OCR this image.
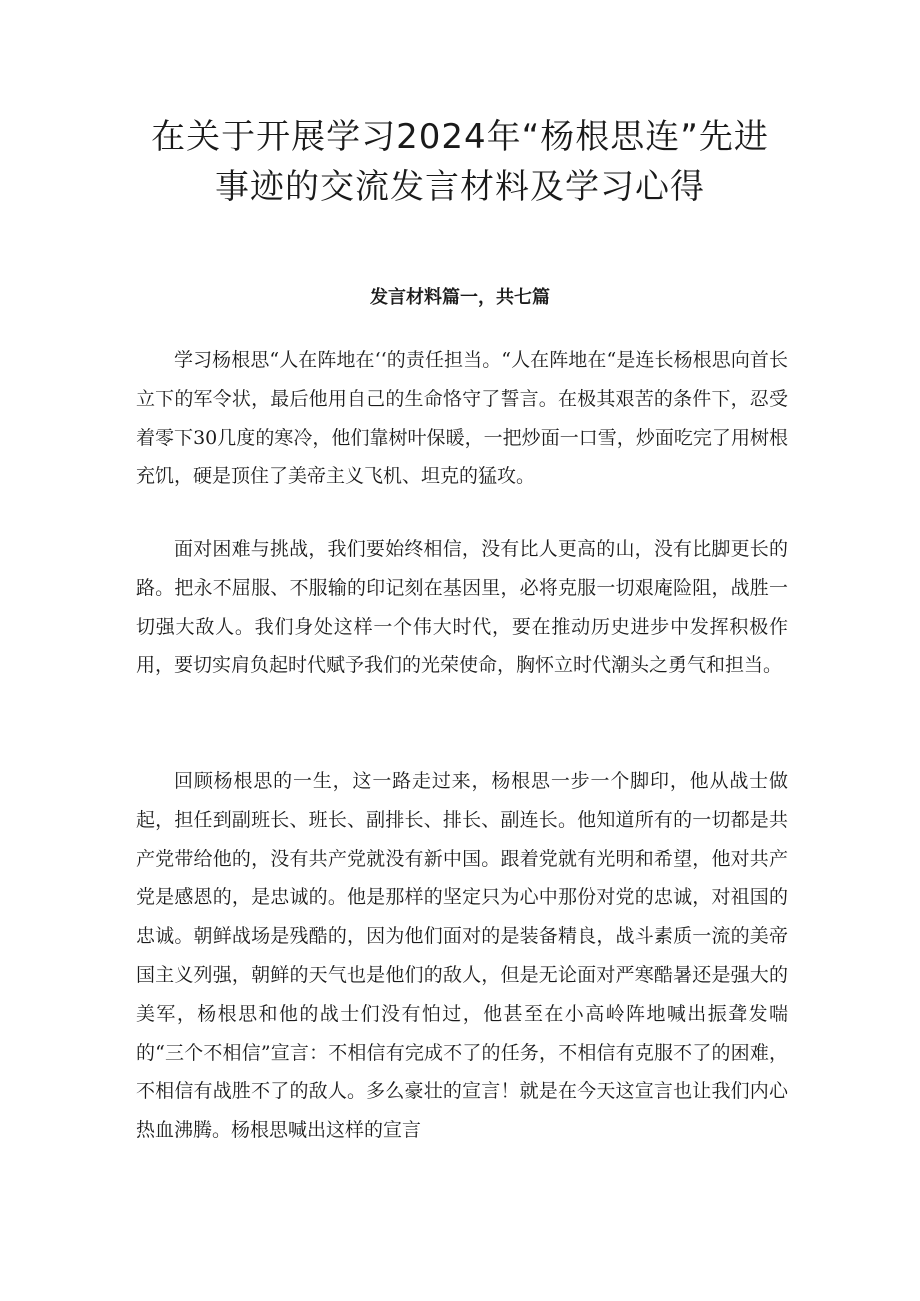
在关于开展学习2024年“杨根思连”先进
事迹的交流发言材料及学习心得
发言材料篇一，共七篇

学习杨根思“人在阵地在‘‘的责任担当。“人在阵地在“是连长杨根思向首长立下的军令状，最后他用自己的生命恪守了誓言。在极其艰苦的条件下，忍受着零下30几度的寒冷，他们靠树叶保暖，一把炒面一口雪，炒面吃完了用树根充饥，硬是顶住了美帝主义飞机、坦克的猛攻。

面对困难与挑战，我们要始终相信，没有比人更高的山，没有比脚更长的路。把永不屈服、不服输的印记刻在基因里，必将克服一切艰庵险阻，战胜一切强大敌人。我们身处这样一个伟大时代，要在推动历史进步中发挥积极作用，要切实肩负起时代赋予我们的光荣使命，胸怀立时代潮头之勇气和担当。

回顾杨根思的一生，这一路走过来，杨根思一步一个脚印，他从战士做起，担任到副班长、班长、副排长、排长、副连长。他知道所有的一切都是共产党带给他的，没有共产党就没有新中国。跟着党就有光明和希望，他对共产党是感恩的，是忠诚的。他是那样的坚定只为心中那份对党的忠诚，对祖国的忠诚。朝鲜战场是残酷的，因为他们面对的是装备精良，战斗素质一流的美帝国主义列强，朝鲜的天气也是他们的敌人，但是无论面对严寒酷暑还是强大的美军，杨根思和他的战士们没有怕过，他甚至在小高岭阵地喊出振聋发喘的“三个不相信”宣言：不相信有完成不了的任务，不相信有克服不了的困难，不相信有战胜不了的敌人。多么豪壮的宣言！就是在今天这宣言也让我们内心热血沸腾。杨根思喊出这样的宣言
